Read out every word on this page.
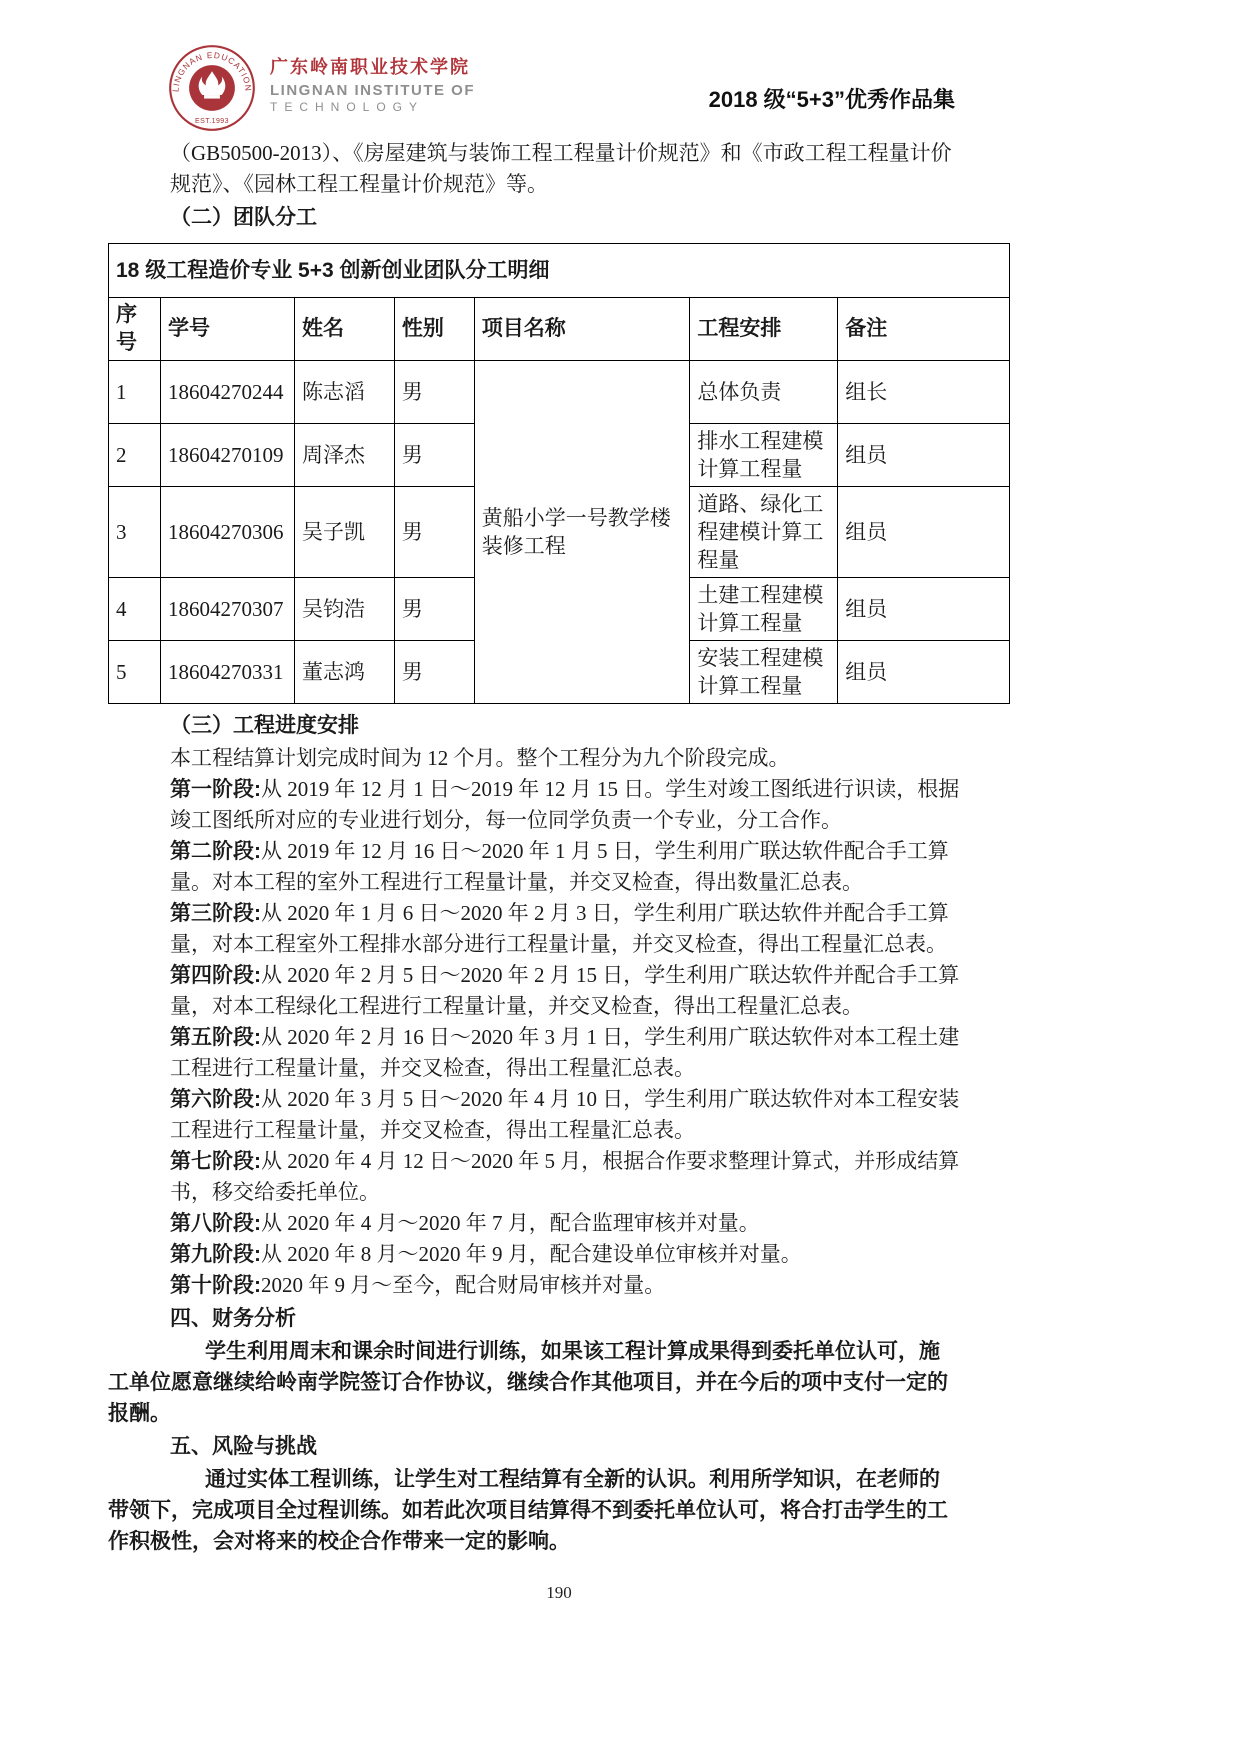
LINGNAN EDUCATION
EST.1993
广东岭南职业技术学院
LINGNAN INSTITUTE OF
TECHNOLOGY	2018 级“5+3”优秀作品集

（GB50500-2013）、《房屋建筑与装饰工程工程量计价规范》和《市政工程工程量计价规范》、《园林工程工程量计价规范》等。

（二）团队分工
18 级工程造价专业 5+3 创新创业团队分工明细						
序号	学号	姓名	性别	项目名称	工程安排	备注
1	18604270244	陈志滔	男	黄船小学一号教学楼装修工程	总体负责	组长
2	18604270109	周泽杰	男		排水工程建模计算工程量	组员
3	18604270306	吴子凯	男		道路、绿化工程建模计算工程量	组员
4	18604270307	吴钧浩	男		土建工程建模计算工程量	组员
5	18604270331	董志鸿	男		安装工程建模计算工程量	组员
（三）工程进度安排

本工程结算计划完成时间为 12 个月。整个工程分为九个阶段完成。

第一阶段:从 2019 年 12 月 1 日～2019 年 12 月 15 日。学生对竣工图纸进行识读，根据竣工图纸所对应的专业进行划分，每一位同学负责一个专业，分工合作。

第二阶段:从 2019 年 12 月 16 日～2020 年 1 月 5 日，学生利用广联达软件配合手工算量。对本工程的室外工程进行工程量计量，并交叉检查，得出数量汇总表。

第三阶段:从 2020 年 1 月 6 日～2020 年 2 月 3 日，学生利用广联达软件并配合手工算量，对本工程室外工程排水部分进行工程量计量，并交叉检查，得出工程量汇总表。

第四阶段:从 2020 年 2 月 5 日～2020 年 2 月 15 日，学生利用广联达软件并配合手工算量，对本工程绿化工程进行工程量计量，并交叉检查，得出工程量汇总表。

第五阶段:从 2020 年 2 月 16 日～2020 年 3 月 1 日，学生利用广联达软件对本工程土建工程进行工程量计量，并交叉检查，得出工程量汇总表。

第六阶段:从 2020 年 3 月 5 日～2020 年 4 月 10 日，学生利用广联达软件对本工程安装工程进行工程量计量，并交叉检查，得出工程量汇总表。

第七阶段:从 2020 年 4 月 12 日～2020 年 5 月，根据合作要求整理计算式，并形成结算书，移交给委托单位。

第八阶段:从 2020 年 4 月～2020 年 7 月，配合监理审核并对量。

第九阶段:从 2020 年 8 月～2020 年 9 月，配合建设单位审核并对量。

第十阶段:2020 年 9 月～至今，配合财局审核并对量。

四、财务分析

学生利用周末和课余时间进行训练，如果该工程计算成果得到委托单位认可，施工单位愿意继续给岭南学院签订合作协议，继续合作其他项目，并在今后的项中支付一定的报酬。

五、风险与挑战

通过实体工程训练，让学生对工程结算有全新的认识。利用所学知识，在老师的带领下，完成项目全过程训练。如若此次项目结算得不到委托单位认可，将合打击学生的工作积极性，会对将来的校企合作带来一定的影响。

190
